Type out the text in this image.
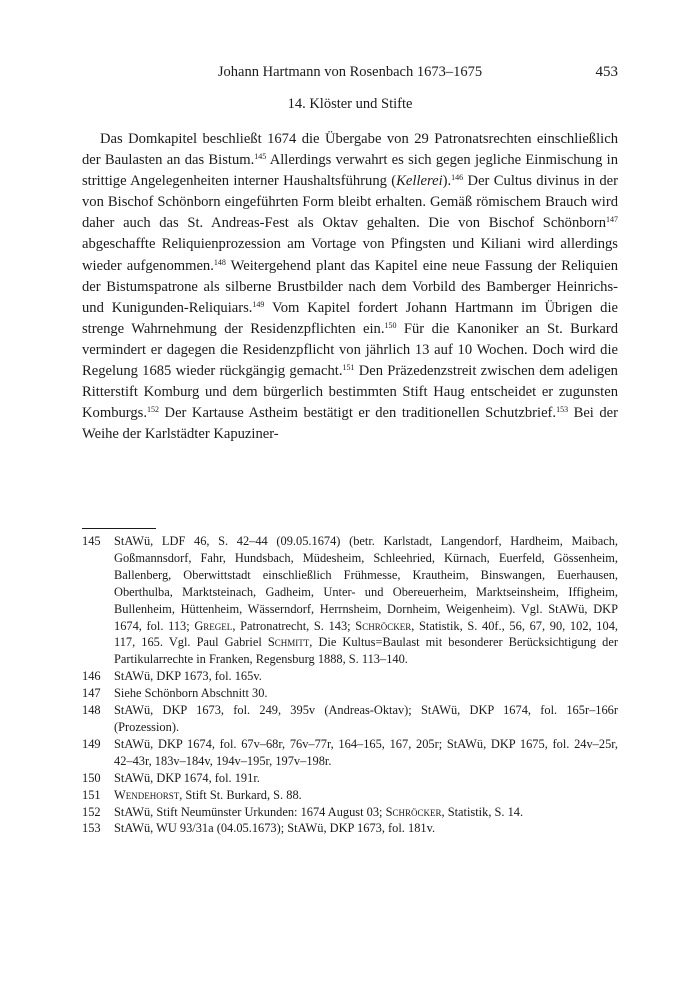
Johann Hartmann von Rosenbach 1673–1675	453
14. Klöster und Stifte

Das Domkapitel beschließt 1674 die Übergabe von 29 Patronatsrechten einschließlich der Baulasten an das Bistum.$^{145}$ Allerdings verwahrt es sich gegen jegliche Einmischung in strittige Angelegenheiten interner Haushaltsführung (Kellerei).$^{146}$ Der Cultus divinus in der von Bischof Schönborn eingeführten Form bleibt erhalten. Gemäß römischem Brauch wird daher auch das St. Andreas-Fest als Oktav gehalten. Die von Bischof Schönborn$^{147}$ abgeschaffte Reliquienprozession am Vortage von Pfingsten und Kiliani wird allerdings wieder aufgenommen.$^{148}$ Weitergehend plant das Kapitel eine neue Fassung der Reliquien der Bistumspatrone als silberne Brustbilder nach dem Vorbild des Bamberger Heinrichs- und Kunigunden-Reliquiars.$^{149}$ Vom Kapitel fordert Johann Hartmann im Übrigen die strenge Wahrnehmung der Residenzpflichten ein.$^{150}$ Für die Kanoniker an St. Burkard vermindert er dagegen die Residenzpflicht von jährlich 13 auf 10 Wochen. Doch wird die Regelung 1685 wieder rückgängig gemacht.$^{151}$ Den Präzedenzstreit zwischen dem adeligen Ritterstift Komburg und dem bürgerlich bestimmten Stift Haug entscheidet er zugunsten Komburgs.$^{152}$ Der Kartause Astheim bestätigt er den traditionellen Schutzbrief.$^{153}$ Bei der Weihe der Karlstädter Kapuziner-

145 StAWü, LDF 46, S. 42–44 (09.05.1674) (betr. Karlstadt, Langendorf, Hardheim, Maibach, Goßmannsdorf, Fahr, Hundsbach, Müdesheim, Schleehried, Kürnach, Euerfeld, Gössenheim, Ballenberg, Oberwittstadt einschließlich Frühmesse, Krautheim, Binswangen, Euerhausen, Oberthulba, Marktsteinach, Gadheim, Unter- und Obereuerheim, Marktseinsheim, Iffigheim, Bullenheim, Hüttenheim, Wässerndorf, Herrnsheim, Dornheim, Weigenheim). Vgl. StAWü, DKP 1674, fol. 113; Gregel, Patronatrecht, S. 143; Schröcker, Statistik, S. 40f., 56, 67, 90, 102, 104, 117, 165. Vgl. Paul Gabriel Schmitt, Die Kultus=Baulast mit besonderer Berücksichtigung der Partikularrechte in Franken, Regensburg 1888, S. 113–140.
146 StAWü, DKP 1673, fol. 165v.
147 Siehe Schönborn Abschnitt 30.
148 StAWü, DKP 1673, fol. 249, 395v (Andreas-Oktav); StAWü, DKP 1674, fol. 165r–166r (Prozession).
149 StAWü, DKP 1674, fol. 67v–68r, 76v–77r, 164–165, 167, 205r; StAWü, DKP 1675, fol. 24v–25r, 42–43r, 183v–184v, 194v–195r, 197v–198r.
150 StAWü, DKP 1674, fol. 191r.
151 Wendehorst, Stift St. Burkard, S. 88.
152 StAWü, Stift Neumünster Urkunden: 1674 August 03; Schröcker, Statistik, S. 14.
153 StAWü, WU 93/31a (04.05.1673); StAWü, DKP 1673, fol. 181v.
